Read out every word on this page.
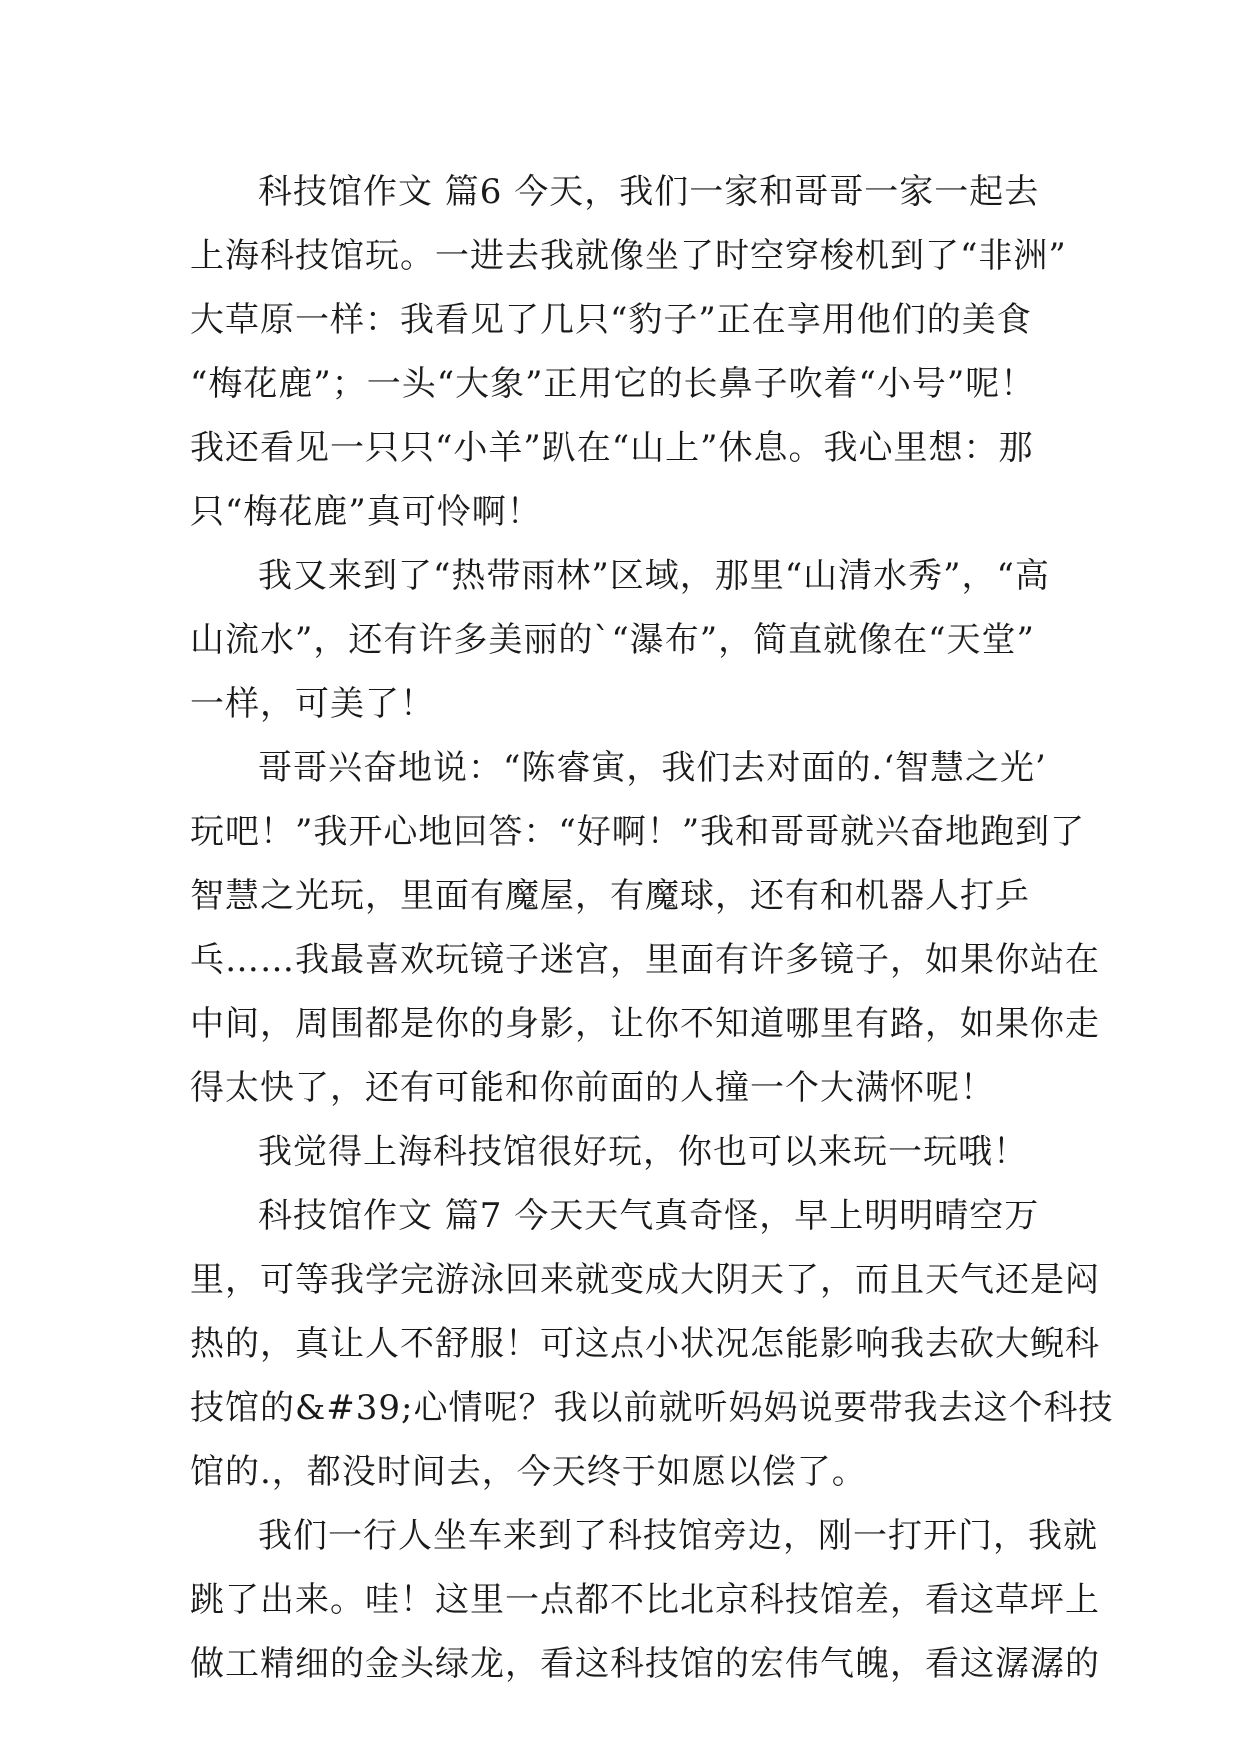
科技馆作文 篇6 今天，我们一家和哥哥一家一起去
上海科技馆玩。一进去我就像坐了时空穿梭机到了“非洲”
大草原一样：我看见了几只“豹子”正在享用他们的美食
“梅花鹿”；一头“大象”正用它的长鼻子吹着“小号”呢！
我还看见一只只“小羊”趴在“山上”休息。我心里想：那
只“梅花鹿”真可怜啊！
我又来到了“热带雨林”区域，那里“山清水秀”，“高
山流水”，还有许多美丽的`“瀑布”，简直就像在“天堂”
一样，可美了！
哥哥兴奋地说：“陈睿寅，我们去对面的.‘智慧之光’
玩吧！”我开心地回答：“好啊！”我和哥哥就兴奋地跑到了
智慧之光玩，里面有魔屋，有魔球，还有和机器人打乒
乓……我最喜欢玩镜子迷宫，里面有许多镜子，如果你站在
中间，周围都是你的身影，让你不知道哪里有路，如果你走
得太快了，还有可能和你前面的人撞一个大满怀呢！
我觉得上海科技馆很好玩，你也可以来玩一玩哦！
科技馆作文 篇7 今天天气真奇怪，早上明明晴空万
里，可等我学完游泳回来就变成大阴天了，而且天气还是闷
热的，真让人不舒服！可这点小状况怎能影响我去砍大鲵科
技馆的&#39;心情呢？我以前就听妈妈说要带我去这个科技
馆的.，都没时间去，今天终于如愿以偿了。
我们一行人坐车来到了科技馆旁边，刚一打开门，我就
跳了出来。哇！这里一点都不比北京科技馆差，看这草坪上
做工精细的金头绿龙，看这科技馆的宏伟气魄，看这潺潺的
